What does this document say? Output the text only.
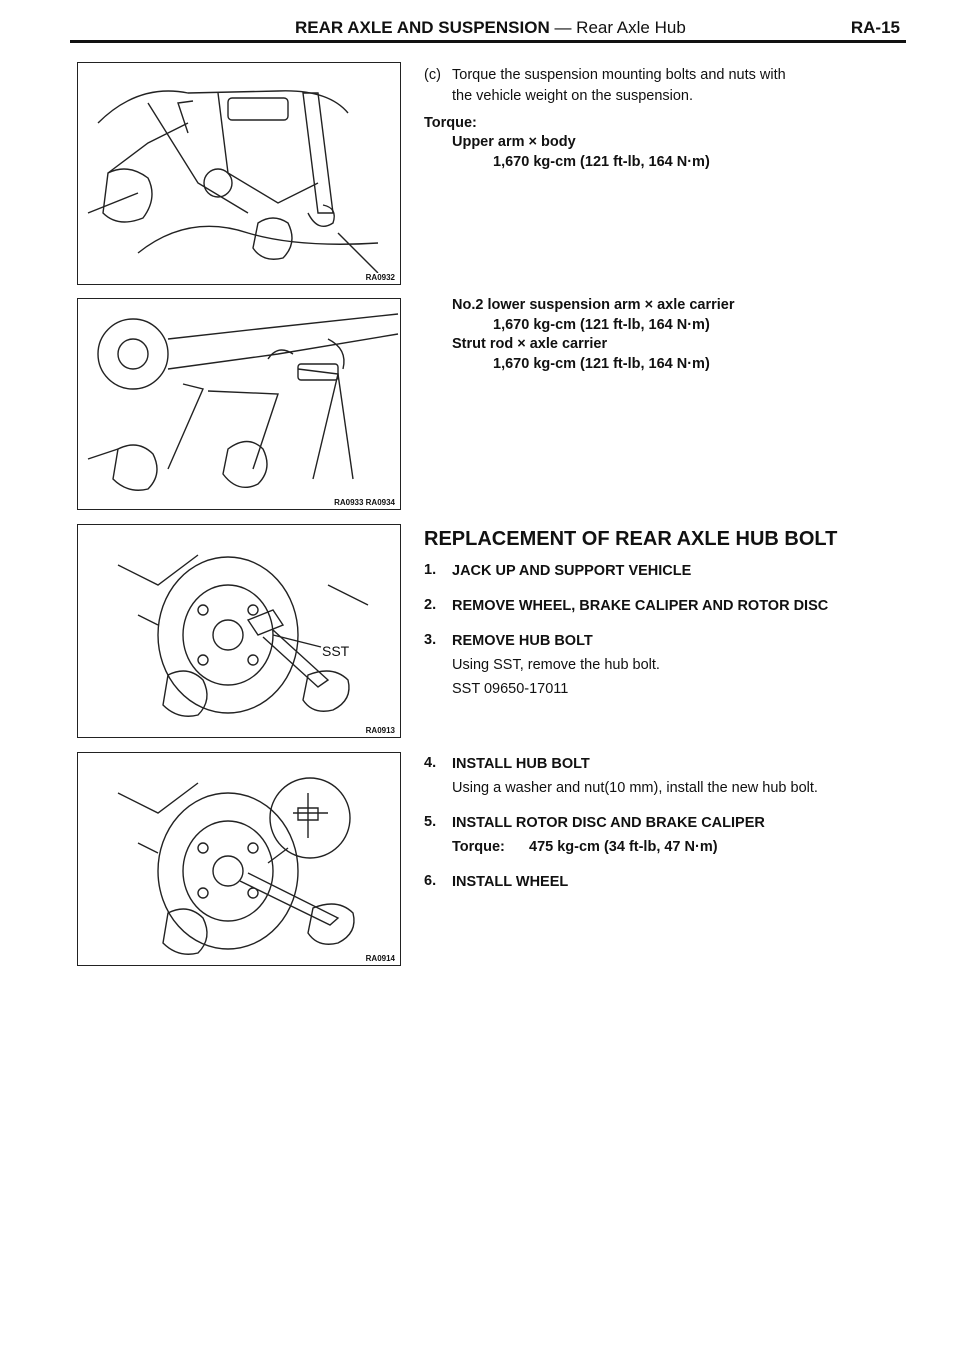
REAR AXLE AND SUSPENSION — Rear Axle Hub	RA-15
RA0932
RA0933 RA0934
SST
RA0913
RA0914
(c) Torque the suspension mounting bolts and nuts with
the vehicle weight on the suspension.
Torque:
Upper arm × body
1,670 kg-cm (121 ft-lb, 164 N·m)
No.2 lower suspension arm × axle carrier
1,670 kg-cm (121 ft-lb, 164 N·m)
Strut rod × axle carrier
1,670 kg-cm (121 ft-lb, 164 N·m)
REPLACEMENT OF REAR AXLE HUB BOLT
1. JACK UP AND SUPPORT VEHICLE
2. REMOVE WHEEL, BRAKE CALIPER AND ROTOR DISC
3. REMOVE HUB BOLT
Using SST, remove the hub bolt.
SST 09650-17011
4. INSTALL HUB BOLT
Using a washer and nut(10 mm), install the new hub bolt.
5. INSTALL ROTOR DISC AND BRAKE CALIPER
Torque: 475 kg-cm (34 ft-lb, 47 N·m)
6. INSTALL WHEEL
